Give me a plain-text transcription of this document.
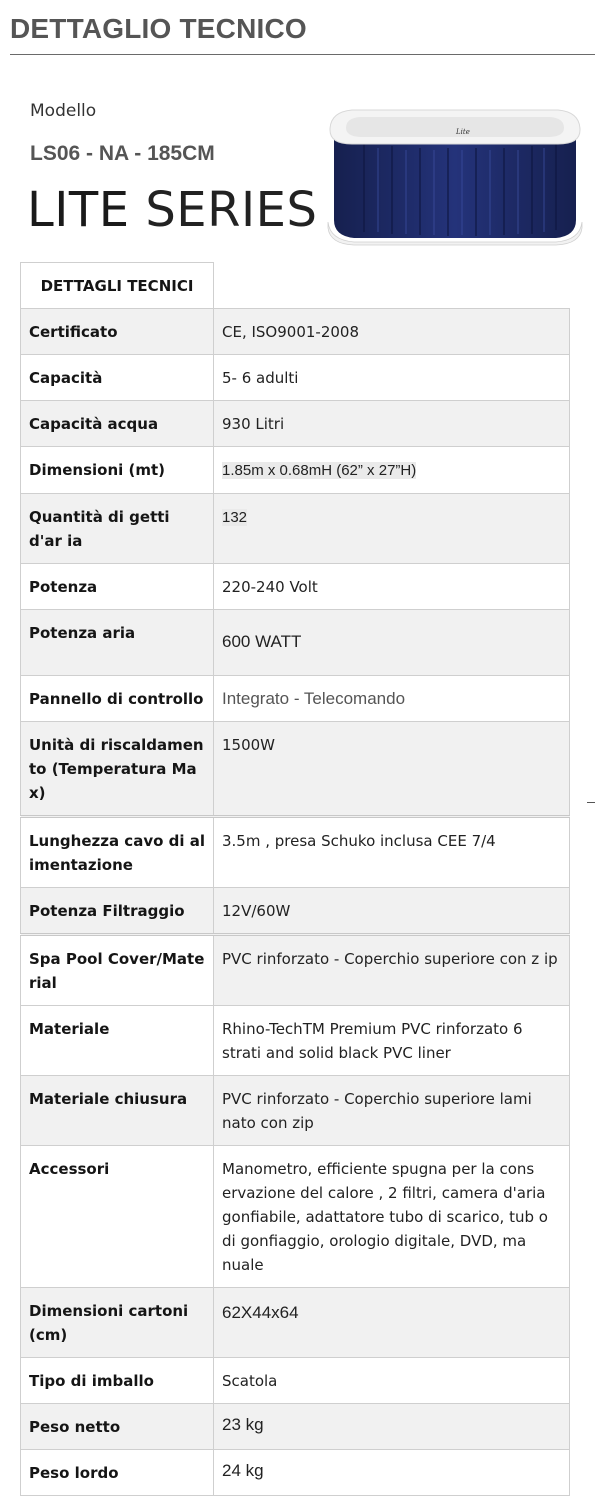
DETTAGLIO TECNICO
Modello
LS06 - NA - 185CM
LITE SERIES
Lite
DETTAGLI TECNICI	
Certificato	CE, ISO9001-2008
Capacità	5- 6 adulti
Capacità acqua	930 Litri
Dimensioni (mt)	1.85m x 0.68mH (62” x 27”H)
Quantità di getti d'ar ia	132
Potenza	220-240 Volt
Potenza aria	600 WATT
Pannello di controllo	Integrato - Telecomando
Unità di riscaldamen to (Temperatura Ma x)	1500W
Lunghezza cavo di al imentazione	3.5m , presa Schuko inclusa CEE 7/4
Potenza Filtraggio	12V/60W
Spa Pool Cover/Mate rial	PVC rinforzato - Coperchio superiore con z ip
Materiale	Rhino-TechTM Premium PVC rinforzato 6 strati and solid black PVC liner
Materiale chiusura	PVC rinforzato - Coperchio superiore lami nato con zip
Accessori	Manometro, efficiente spugna per la cons ervazione del calore , 2 filtri, camera d'aria gonfiabile, adattatore tubo di scarico, tub o di gonfiaggio, orologio digitale, DVD, ma nuale
Dimensioni cartoni (cm)	62X44x64
Tipo di imballo	Scatola
Peso netto	23 kg
Peso lordo	24 kg
